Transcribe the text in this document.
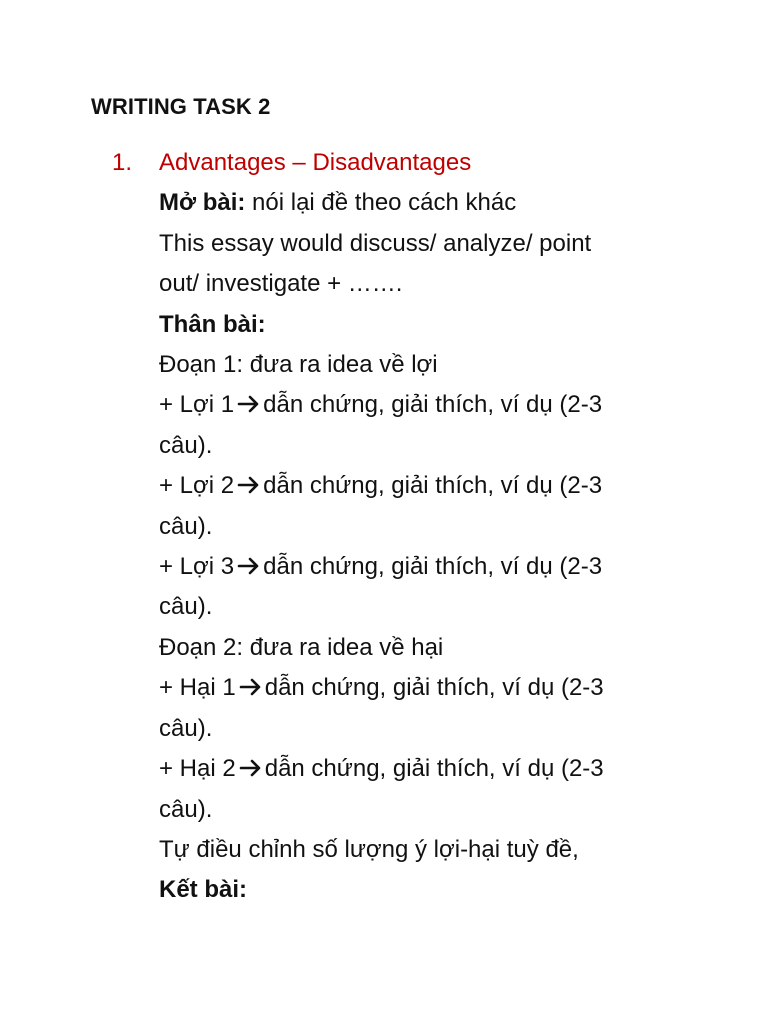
WRITING TASK 2
1. Advantages – Disadvantages
Mở bài: nói lại đề theo cách khác
This essay would discuss/ analyze/ point
out/ investigate + …….
Thân bài:
Đoạn 1: đưa ra idea về lợi
+ Lợi 1 dẫn chứng, giải thích, ví dụ (2-3
câu).
+ Lợi 2 dẫn chứng, giải thích, ví dụ (2-3
câu).
+ Lợi 3 dẫn chứng, giải thích, ví dụ (2-3
câu).
Đoạn 2: đưa ra idea về hại
+ Hại 1 dẫn chứng, giải thích, ví dụ (2-3
câu).
+ Hại 2 dẫn chứng, giải thích, ví dụ (2-3
câu).
Tự điều chỉnh số lượng ý lợi-hại tuỳ đề,
Kết bài:
